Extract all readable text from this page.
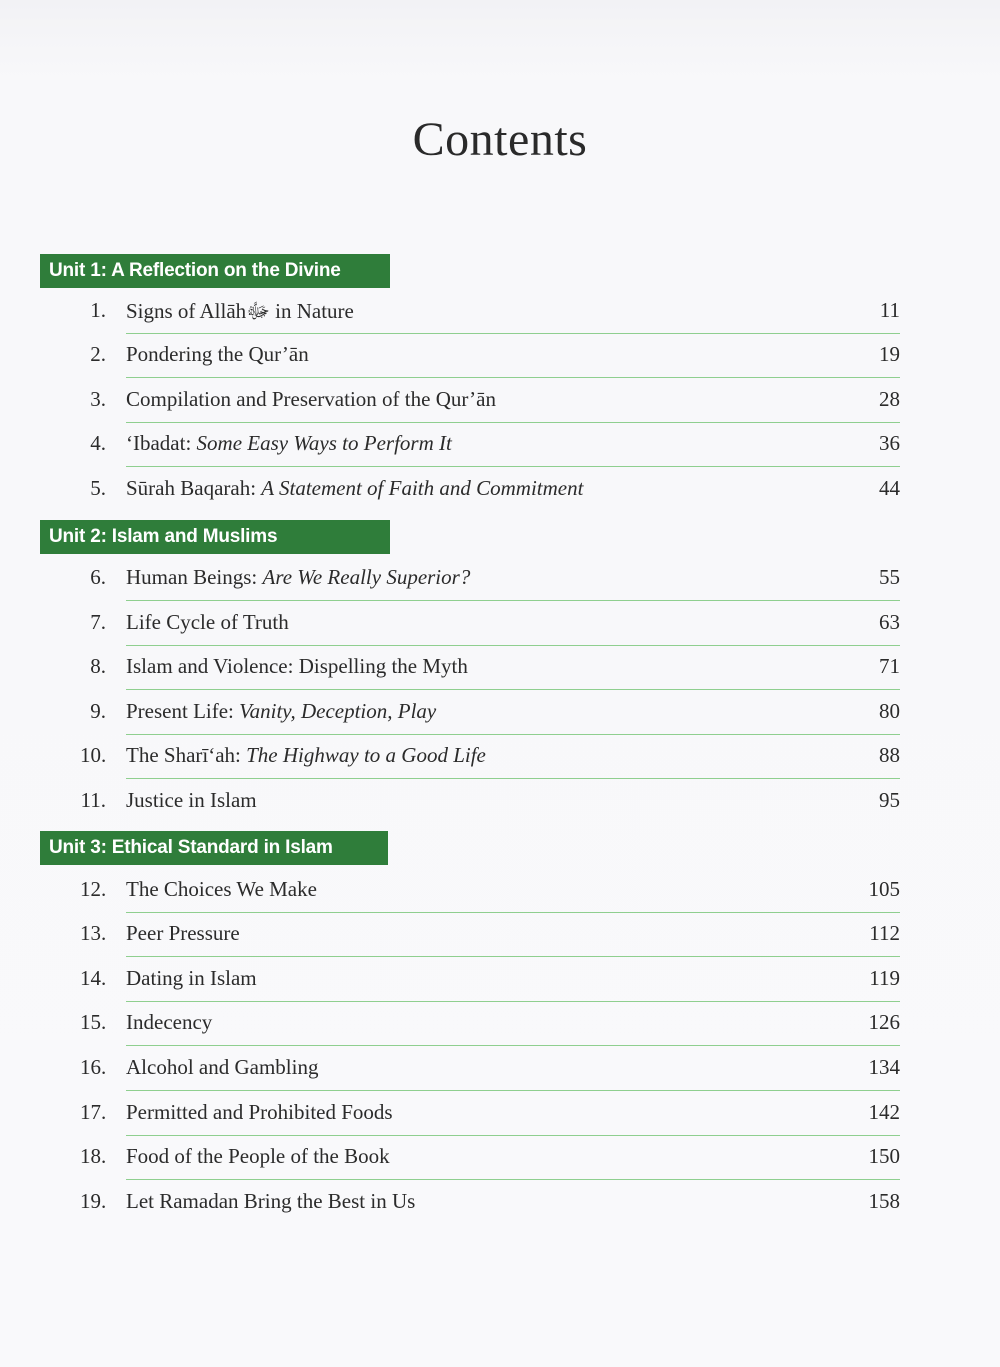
Contents
Unit 1: A Reflection on the Divine
1. Signs of Allāhﷻ in Nature	11
2. Pondering the Qur’ān	19
3. Compilation and Preservation of the Qur’ān	28
4. ‘Ibadat: Some Easy Ways to Perform It	36
5. Sūrah Baqarah: A Statement of Faith and Commitment	44
Unit 2: Islam and Muslims
6. Human Beings: Are We Really Superior?	55
7. Life Cycle of Truth	63
8. Islam and Violence: Dispelling the Myth	71
9. Present Life: Vanity, Deception, Play	80
10. The Sharī‘ah: The Highway to a Good Life	88
11. Justice in Islam	95
Unit 3: Ethical Standard in Islam
12. The Choices We Make	105
13. Peer Pressure	112
14. Dating in Islam	119
15. Indecency	126
16. Alcohol and Gambling	134
17. Permitted and Prohibited Foods	142
18. Food of the People of the Book	150
19. Let Ramadan Bring the Best in Us	158
